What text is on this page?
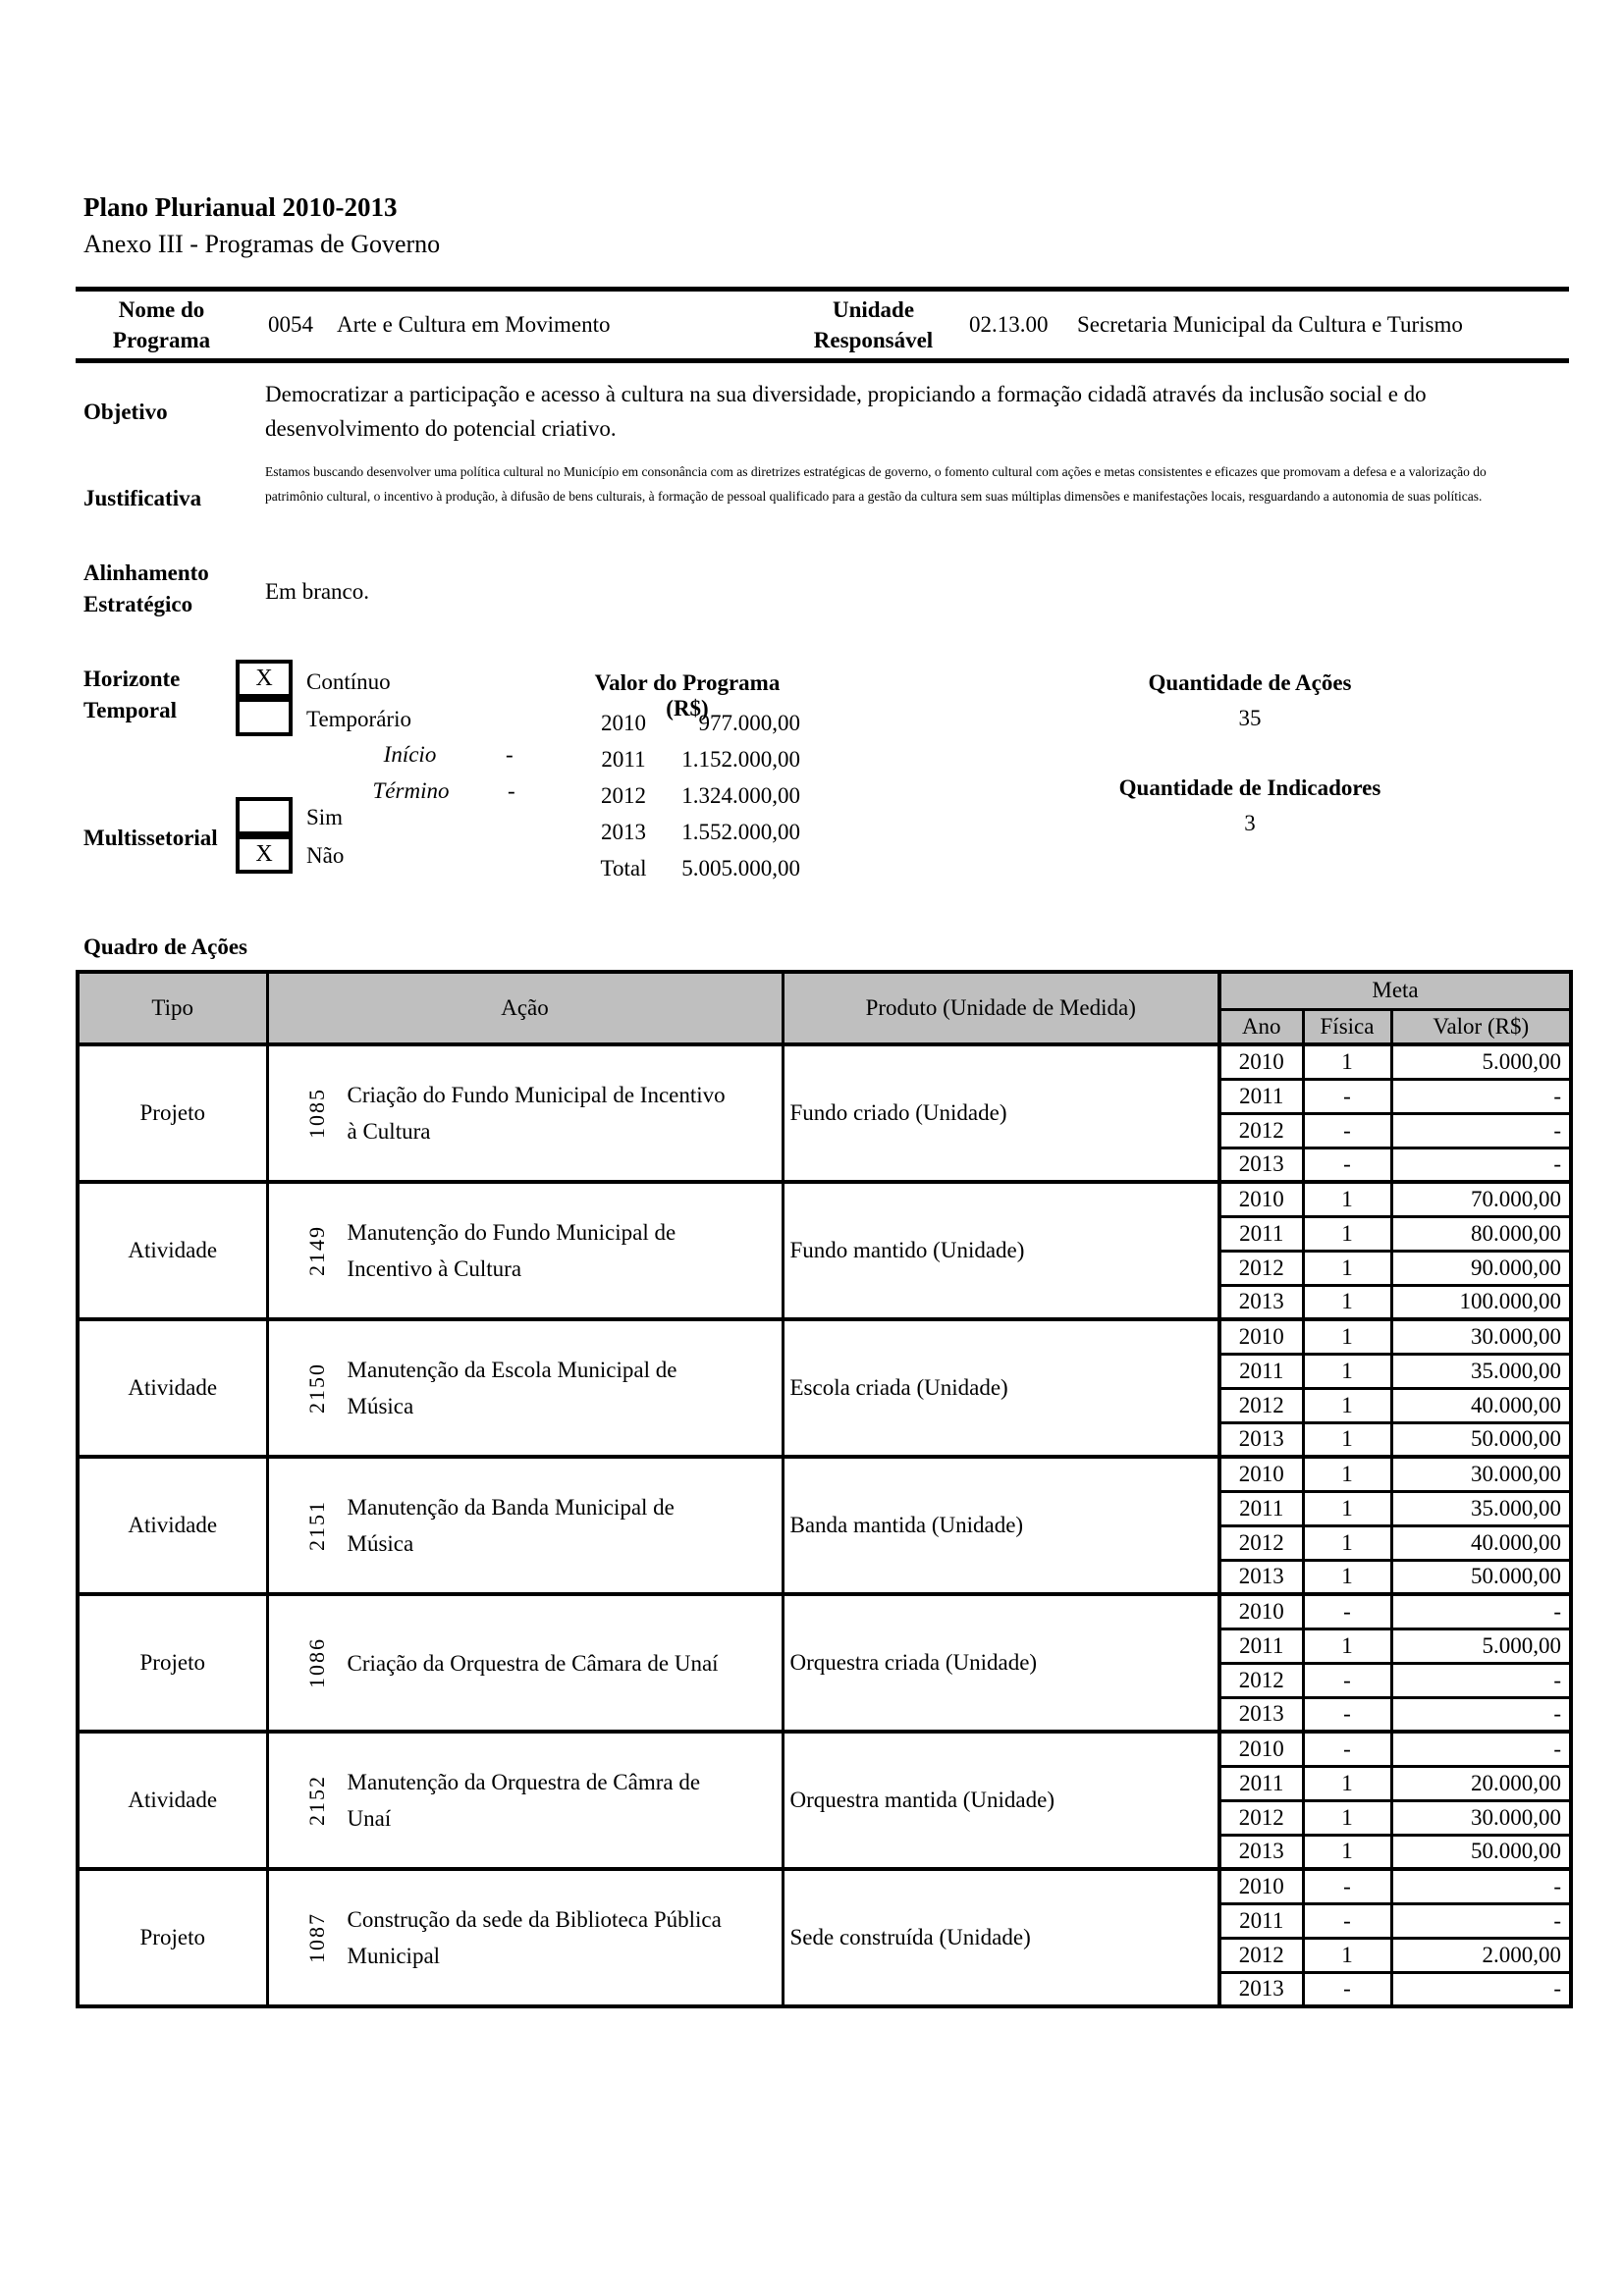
Plano Plurianual 2010-2013
Anexo III - Programas de Governo
Nome do Programa
0054 Arte e Cultura em Movimento
Unidade Responsável
02.13.00 Secretaria Municipal da Cultura e Turismo
Objetivo
Democratizar a participação e acesso à cultura na sua diversidade, propiciando a formação cidadã através da inclusão social e do desenvolvimento do potencial criativo.
Justificativa
Estamos buscando desenvolver uma política cultural no Município em consonância com as diretrizes estratégicas de governo, o fomento cultural com ações e metas consistentes e eficazes que promovam a defesa e a valorização do patrimônio cultural, o incentivo à produção, à difusão de bens culturais, à formação de pessoal qualificado para a gestão da cultura sem suas múltiplas dimensões e manifestações locais, resguardando a autonomia de suas políticas.
Alinhamento Estratégico
Em branco.
Horizonte Temporal
X Contínuo
Temporário
Início	-
Término	-
Valor do Programa (R$)
2010	977.000,00
2011	1.152.000,00
2012	1.324.000,00
2013	1.552.000,00
Total	5.005.000,00
Quantidade de Ações
35
Quantidade de Indicadores
3
Multissetorial
Sim
X Não
Quadro de Ações
Tipo	Ação	Produto (Unidade de Medida)	Meta		
			Ano	Física	Valor (R$)
Projeto	1085 Criação do Fundo Municipal de Incentivo à Cultura	Fundo criado (Unidade)	2010	1	5.000,00
			2011	-	-
			2012	-	-
			2013	-	-
Atividade	2149 Manutenção do Fundo Municipal de Incentivo à Cultura	Fundo mantido (Unidade)	2010	1	70.000,00
			2011	1	80.000,00
			2012	1	90.000,00
			2013	1	100.000,00
Atividade	2150 Manutenção da Escola Municipal de Música	Escola criada (Unidade)	2010	1	30.000,00
			2011	1	35.000,00
			2012	1	40.000,00
			2013	1	50.000,00
Atividade	2151 Manutenção da Banda Municipal de Música	Banda mantida (Unidade)	2010	1	30.000,00
			2011	1	35.000,00
			2012	1	40.000,00
			2013	1	50.000,00
Projeto	1086 Criação da Orquestra de Câmara de Unaí	Orquestra criada (Unidade)	2010	-	-
			2011	1	5.000,00
			2012	-	-
			2013	-	-
Atividade	2152 Manutenção da Orquestra de Câmra de Unaí	Orquestra mantida (Unidade)	2010	-	-
			2011	1	20.000,00
			2012	1	30.000,00
			2013	1	50.000,00
Projeto	1087 Construção da sede da Biblioteca Pública Municipal	Sede construída (Unidade)	2010	-	-
			2011	-	-
			2012	1	2.000,00
			2013	-	-
